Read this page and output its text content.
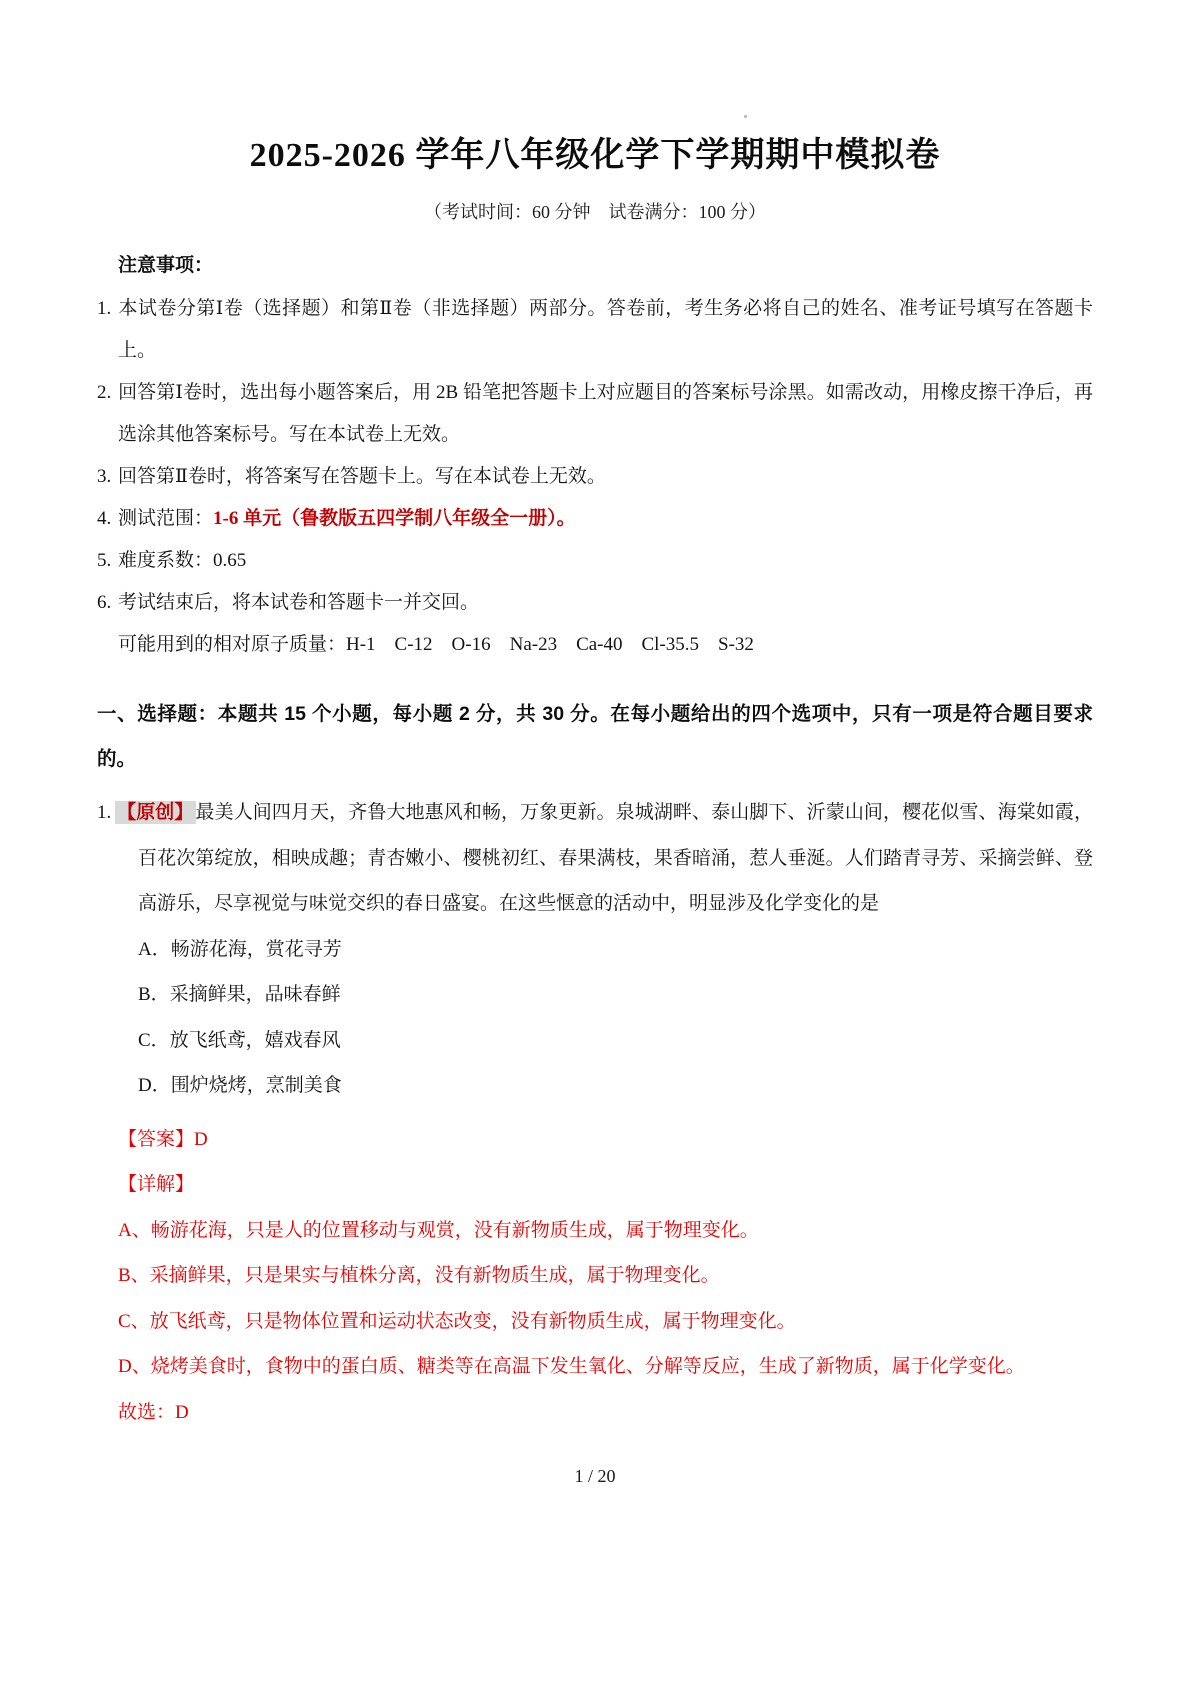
2025-2026 学年八年级化学下学期期中模拟卷
（考试时间：60 分钟　试卷满分：100 分）
注意事项：
1. 本试卷分第Ⅰ卷（选择题）和第Ⅱ卷（非选择题）两部分。答卷前，考生务必将自己的姓名、准考证号填写在答题卡上。
2. 回答第Ⅰ卷时，选出每小题答案后，用 2B 铅笔把答题卡上对应题目的答案标号涂黑。如需改动，用橡皮擦干净后，再选涂其他答案标号。写在本试卷上无效。
3. 回答第Ⅱ卷时，将答案写在答题卡上。写在本试卷上无效。
4. 测试范围：1-6 单元（鲁教版五四学制八年级全一册）。
5. 难度系数：0.65
6. 考试结束后，将本试卷和答题卡一并交回。
可能用到的相对原子质量：H-1　C-12　O-16　Na-23　Ca-40　Cl-35.5　S-32
一、选择题：本题共 15 个小题，每小题 2 分，共 30 分。在每小题给出的四个选项中，只有一项是符合题目要求的。
1. 【原创】 最美人间四月天，齐鲁大地惠风和畅，万象更新。泉城湖畔、泰山脚下、沂蒙山间，樱花似雪、海棠如霞，百花次第绽放，相映成趣；青杏嫩小、樱桃初红、春果满枝，果香暗涌，惹人垂涎。人们踏青寻芳、采摘尝鲜、登高游乐，尽享视觉与味觉交织的春日盛宴。在这些惬意的活动中，明显涉及化学变化的是
A．畅游花海，赏花寻芳
B．采摘鲜果，品味春鲜
C．放飞纸鸢，嬉戏春风
D．围炉烧烤，烹制美食
【答案】D
【详解】
A、畅游花海，只是人的位置移动与观赏，没有新物质生成，属于物理变化。
B、采摘鲜果，只是果实与植株分离，没有新物质生成，属于物理变化。
C、放飞纸鸢，只是物体位置和运动状态改变，没有新物质生成，属于物理变化。
D、烧烤美食时，食物中的蛋白质、糖类等在高温下发生氧化、分解等反应，生成了新物质，属于化学变化。
故选：D
1 / 20
